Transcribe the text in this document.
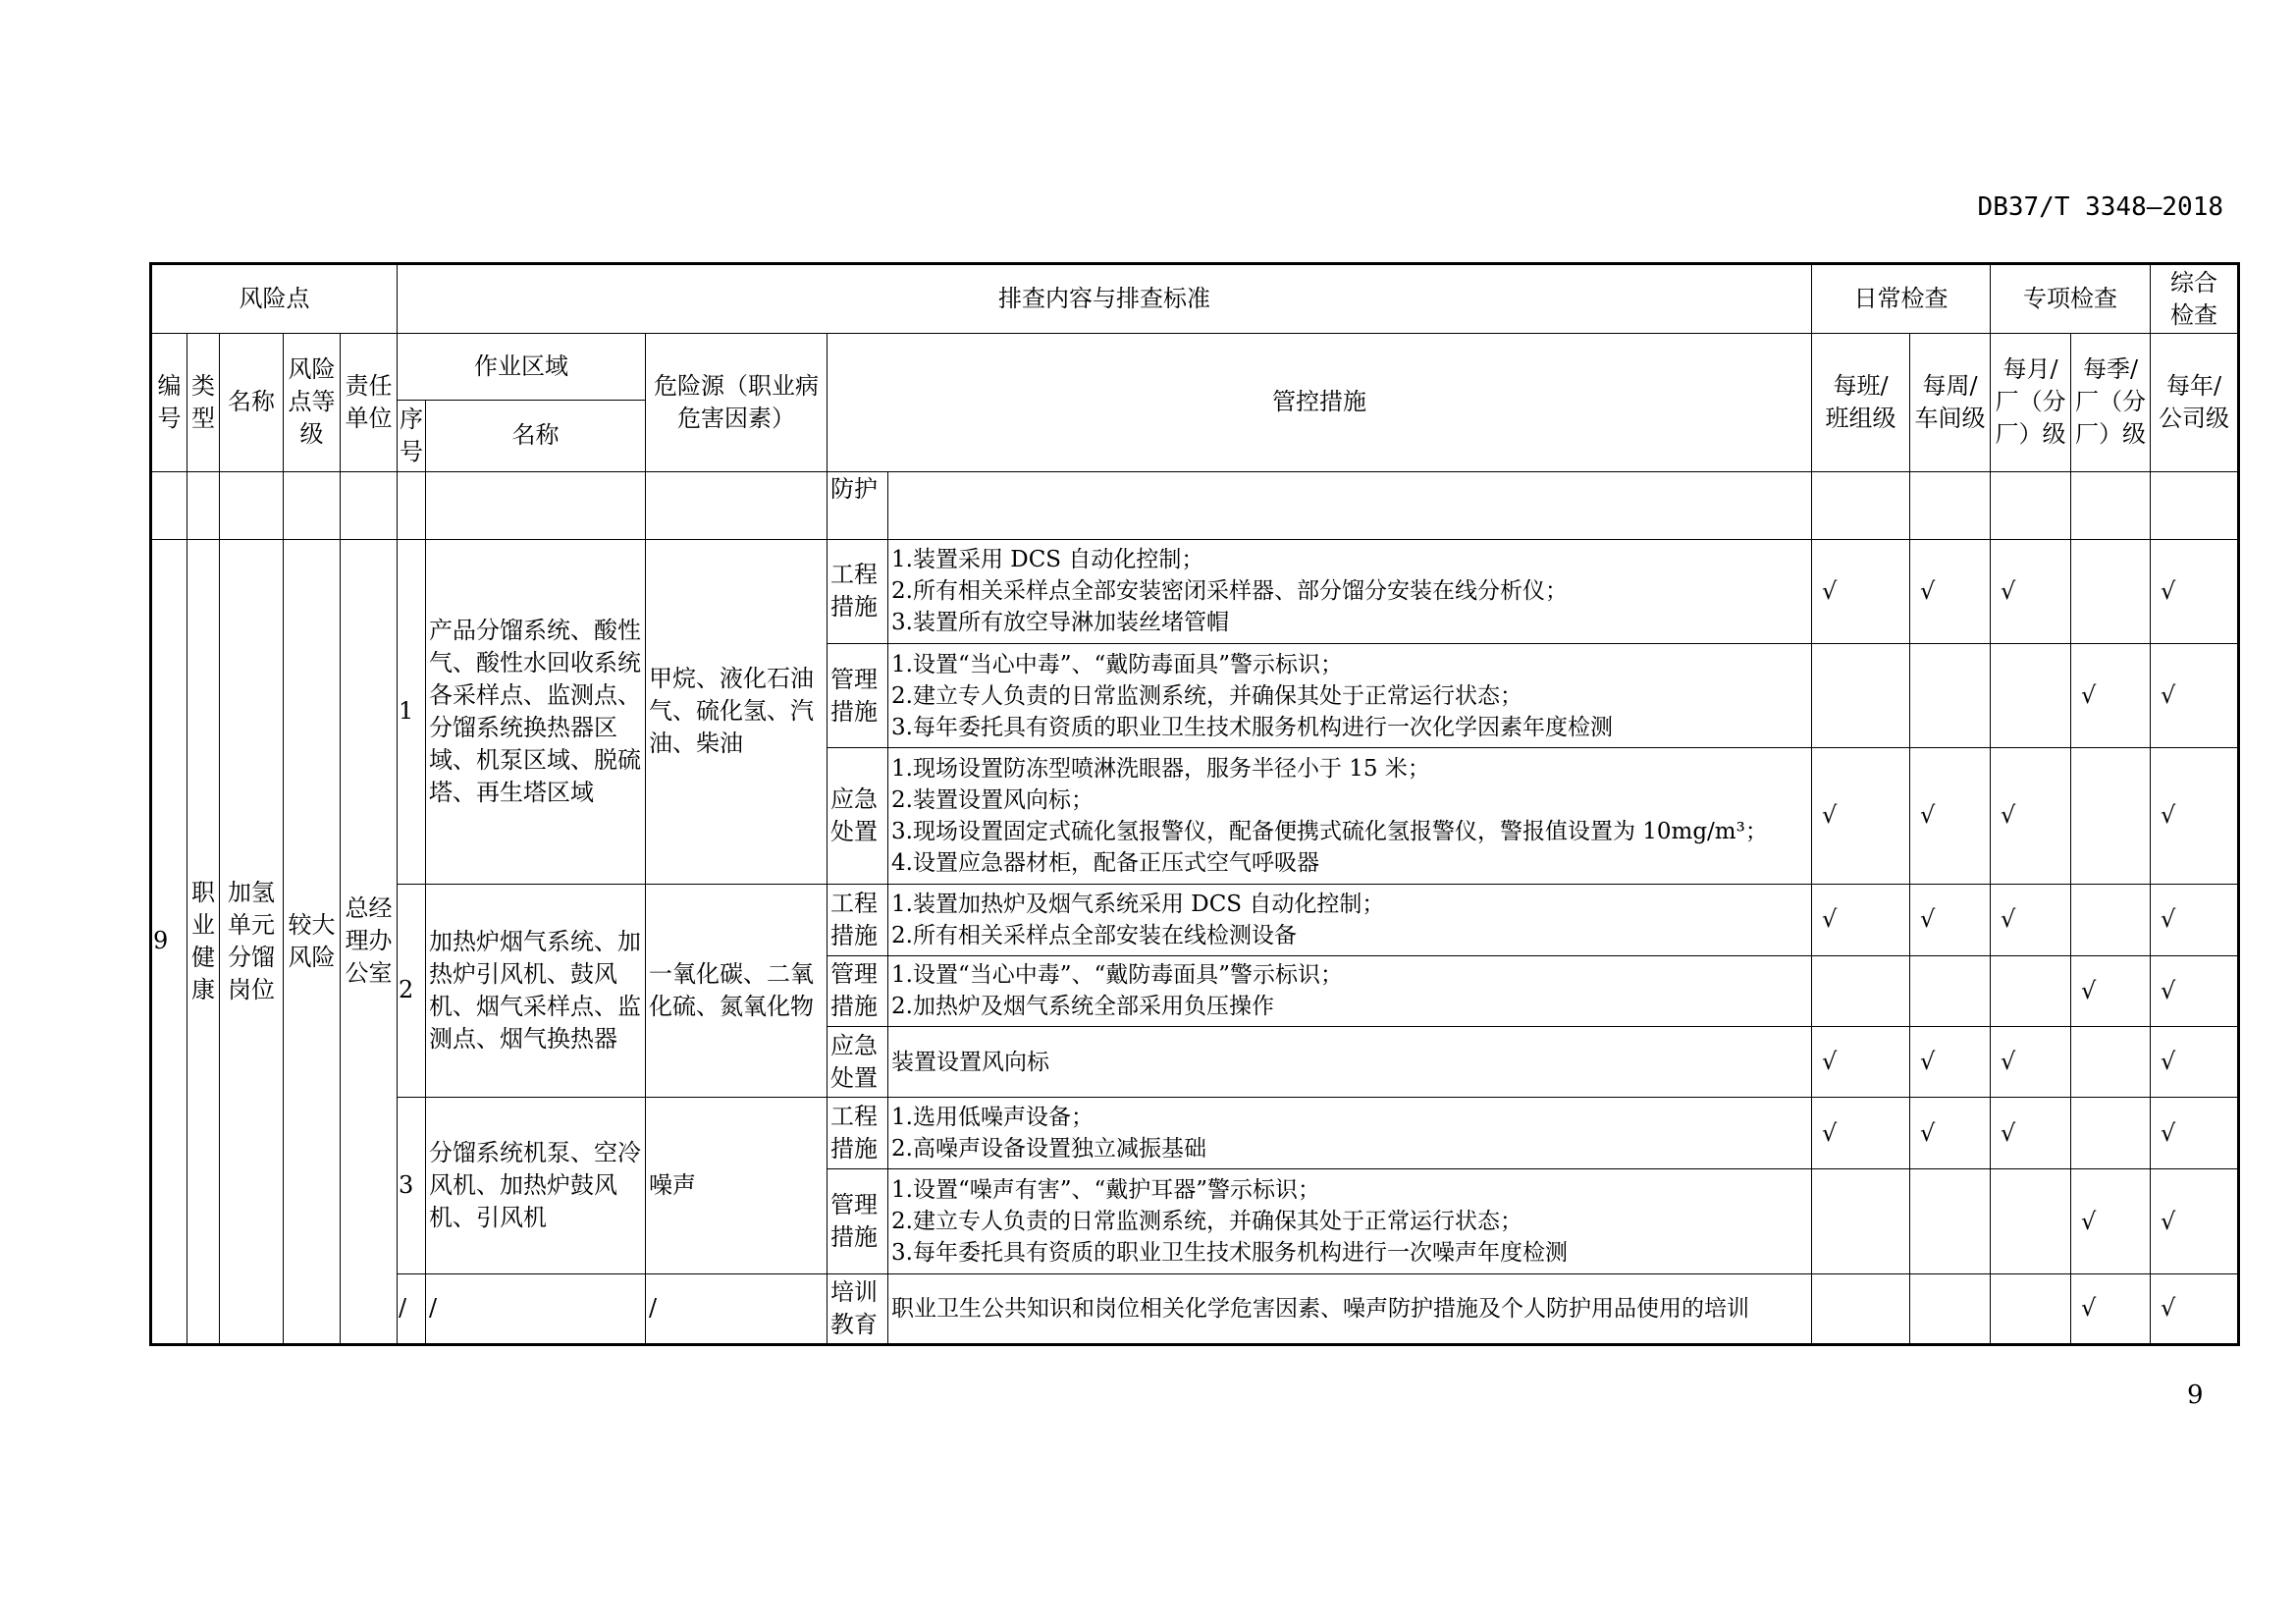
DB37/T 3348—2018
风险点					排查内容与排查标准					日常检查		专项检查		综合检查
编号	类型	名称	风险点等级	责任单位	作业区域		危险源（职业病危害因素）	管控措施		每班/班组级	每周/车间级	每月/厂（分厂）级	每季/厂（分厂）级	每年/公司级
					序号	名称								
								防护						
9	职业健康	加氢单元分馏岗位	较大风险	总经理办公室	1	产品分馏系统、酸性气、酸性水回收系统各采样点、监测点、分馏系统换热器区域、机泵区域、脱硫塔、再生塔区域	甲烷、液化石油气、硫化氢、汽油、柴油	工程措施	1.装置采用 DCS 自动化控制；
2.所有相关采样点全部安装密闭采样器、部分馏分安装在线分析仪；
3.装置所有放空导淋加装丝堵管帽	√	√	√		√
								管理措施	1.设置“当心中毒”、“戴防毒面具”警示标识；
2.建立专人负责的日常监测系统，并确保其处于正常运行状态；
3.每年委托具有资质的职业卫生技术服务机构进行一次化学因素年度检测				√	√
								应急处置	1.现场设置防冻型喷淋洗眼器，服务半径小于 15 米；
2.装置设置风向标；
3.现场设置固定式硫化氢报警仪，配备便携式硫化氢报警仪，警报值设置为 10mg/m³；
4.设置应急器材柜，配备正压式空气呼吸器	√	√	√		√
					2	加热炉烟气系统、加热炉引风机、鼓风机、烟气采样点、监测点、烟气换热器	一氧化碳、二氧化硫、氮氧化物	工程措施	1.装置加热炉及烟气系统采用 DCS 自动化控制；
2.所有相关采样点全部安装在线检测设备	√	√	√		√
								管理措施	1.设置“当心中毒”、“戴防毒面具”警示标识；
2.加热炉及烟气系统全部采用负压操作				√	√
								应急处置	装置设置风向标	√	√	√		√
					3	分馏系统机泵、空冷风机、加热炉鼓风机、引风机	噪声	工程措施	1.选用低噪声设备；
2.高噪声设备设置独立减振基础	√	√	√		√
								管理措施	1.设置“噪声有害”、“戴护耳器”警示标识；
2.建立专人负责的日常监测系统，并确保其处于正常运行状态；
3.每年委托具有资质的职业卫生技术服务机构进行一次噪声年度检测				√	√
					/	/	/	培训教育	职业卫生公共知识和岗位相关化学危害因素、噪声防护措施及个人防护用品使用的培训				√	√
9
